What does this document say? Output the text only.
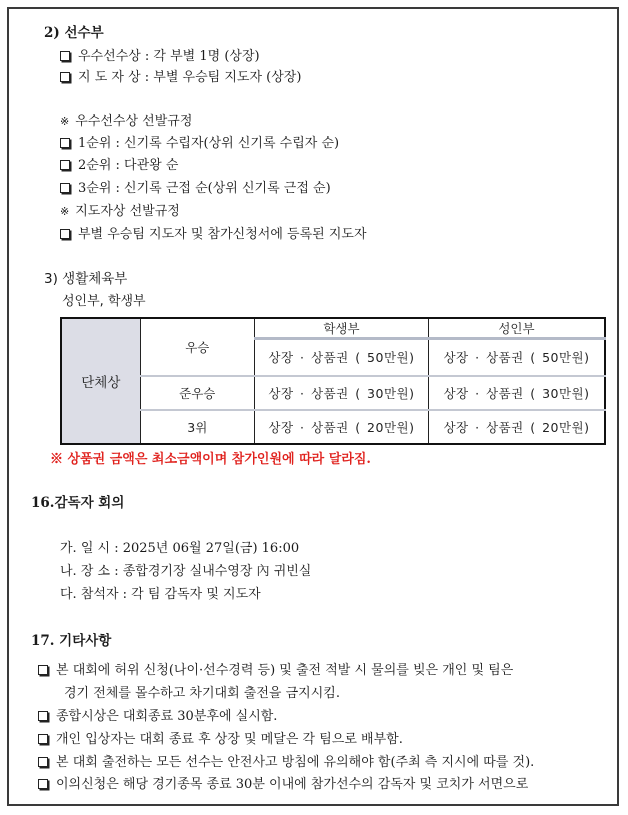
2) 선수부
우수선수상 : 각 부별 1명 (상장)
지 도 자 상 : 부별 우승팀 지도자 (상장)
※ 우수선수상 선발규정
1순위 : 신기록 수립자(상위 신기록 수립자 순)
2순위 : 다관왕 순
3순위 : 신기록 근접 순(상위 신기록 근접 순)
※ 지도자상 선발규정
부별 우승팀 지도자 및 참가신청서에 등록된 지도자
3) 생활체육부
성인부, 학생부
단체상	우승	학생부	성인부
		상장 · 상품권 ( 50만원)	상장 · 상품권 ( 50만원)
	준우승	상장 · 상품권 ( 30만원)	상장 · 상품권 ( 30만원)
	3위	상장 · 상품권 ( 20만원)	상장 · 상품권 ( 20만원)
※ 상품권 금액은 최소금액이며 참가인원에 따라 달라짐.
16.감독자 회의
가. 일 시 : 2025년 06월 27일(금) 16:00
나. 장 소 : 종합경기장 실내수영장 內 귀빈실
다. 참석자 : 각 팀 감독자 및 지도자
17. 기타사항
본 대회에 허위 신청(나이·선수경력 등) 및 출전 적발 시 물의를 빚은 개인 및 팀은
경기 전체를 몰수하고 차기대회 출전을 금지시킴.
종합시상은 대회종료 30분후에 실시함.
개인 입상자는 대회 종료 후 상장 및 메달은 각 팀으로 배부함.
본 대회 출전하는 모든 선수는 안전사고 방침에 유의해야 함(주최 측 지시에 따를 것).
이의신청은 해당 경기종목 종료 30분 이내에 참가선수의 감독자 및 코치가 서면으로
